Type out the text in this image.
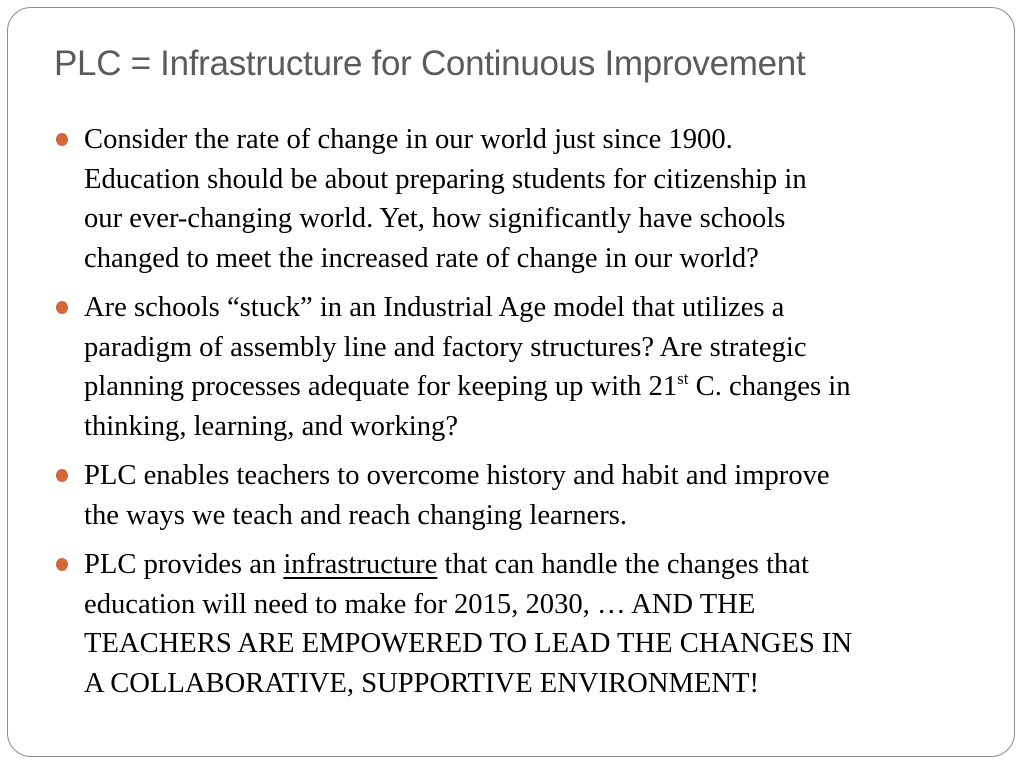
PLC = Infrastructure for Continuous Improvement
Consider the rate of change in our world just since 1900.
Education should be about preparing students for citizenship in
our ever-changing world. Yet, how significantly have schools
changed to meet the increased rate of change in our world?
Are schools “stuck” in an Industrial Age model that utilizes a
paradigm of assembly line and factory structures? Are strategic
planning processes adequate for keeping up with 21st C. changes in
thinking, learning, and working?
PLC enables teachers to overcome history and habit and improve
the ways we teach and reach changing learners.
PLC provides an infrastructure that can handle the changes that
education will need to make for 2015, 2030, … AND THE
TEACHERS ARE EMPOWERED TO LEAD THE CHANGES IN
A COLLABORATIVE, SUPPORTIVE ENVIRONMENT!
